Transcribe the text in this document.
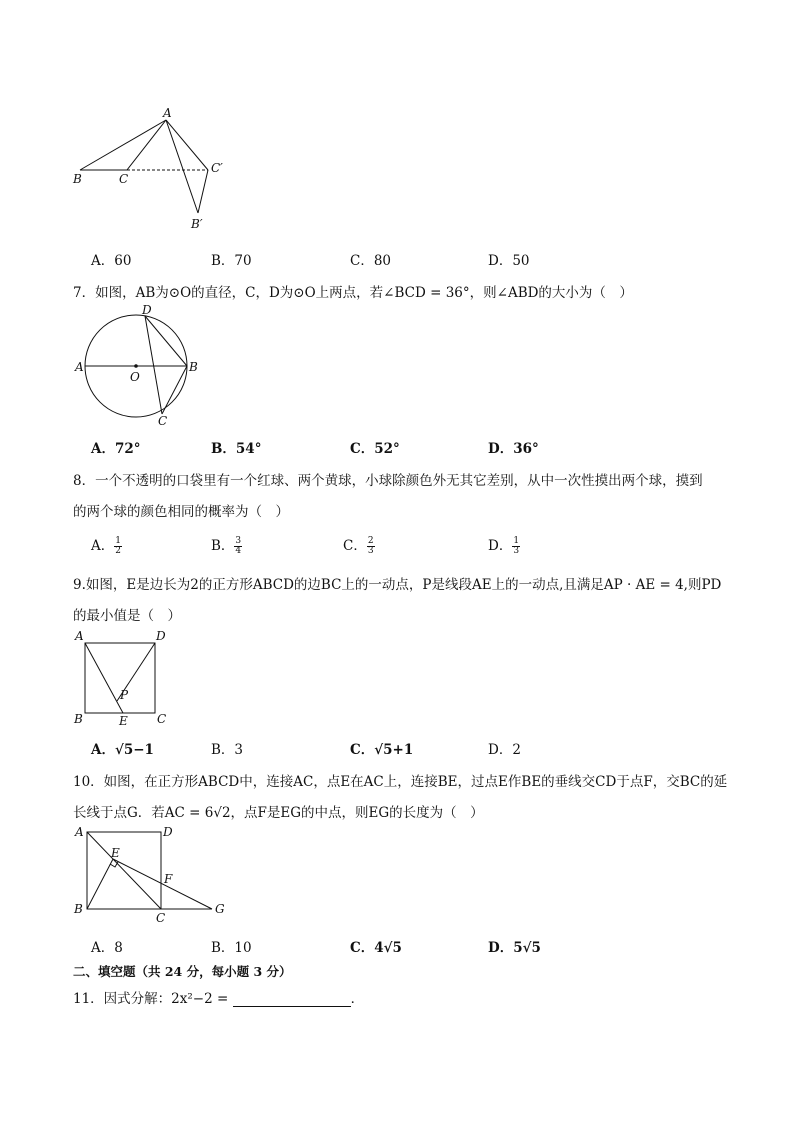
A
B	C
C′
B′
A．60	B．70	C．80	D．50
7．如图，AB为⊙O的直径，C，D为⊙O上两点，若∠BCD = 36°，则∠ABD的大小为（　）
A	B
C
D
O
A．72°	B．54°	C．52°	D．36°
8．一个不透明的口袋里有一个红球、两个黄球，小球除颜色外无其它差别，从中一次性摸出两个球，摸到
的两个球的颜色相同的概率为（　）
A． $\frac{1}{2}$	B． $\frac{3}{4}$	C． $\frac{2}{3}$	D． $\frac{1}{3}$
9.如图，E是边长为2的正方形ABCD的边BC上的一动点，P是线段AE上的一动点,且满足AP · AE = 4,则PD
的最小值是（　）
A	D
B	C
E
P
A．√5−1	B．3	C．√5+1	D．2
10．如图，在正方形ABCD中，连接AC，点E在AC上，连接BE，过点E作BE的垂线交CD于点F，交BC的延
长线于点G．若AC = 6√2，点F是EG的中点，则EG的长度为（　）
A	D
B
C
E
F
G
A．8	B．10	C．4√5	D．5√5
二、填空题（共 24 分，每小题 3 分）
11．因式分解：2x²−2 =	．
